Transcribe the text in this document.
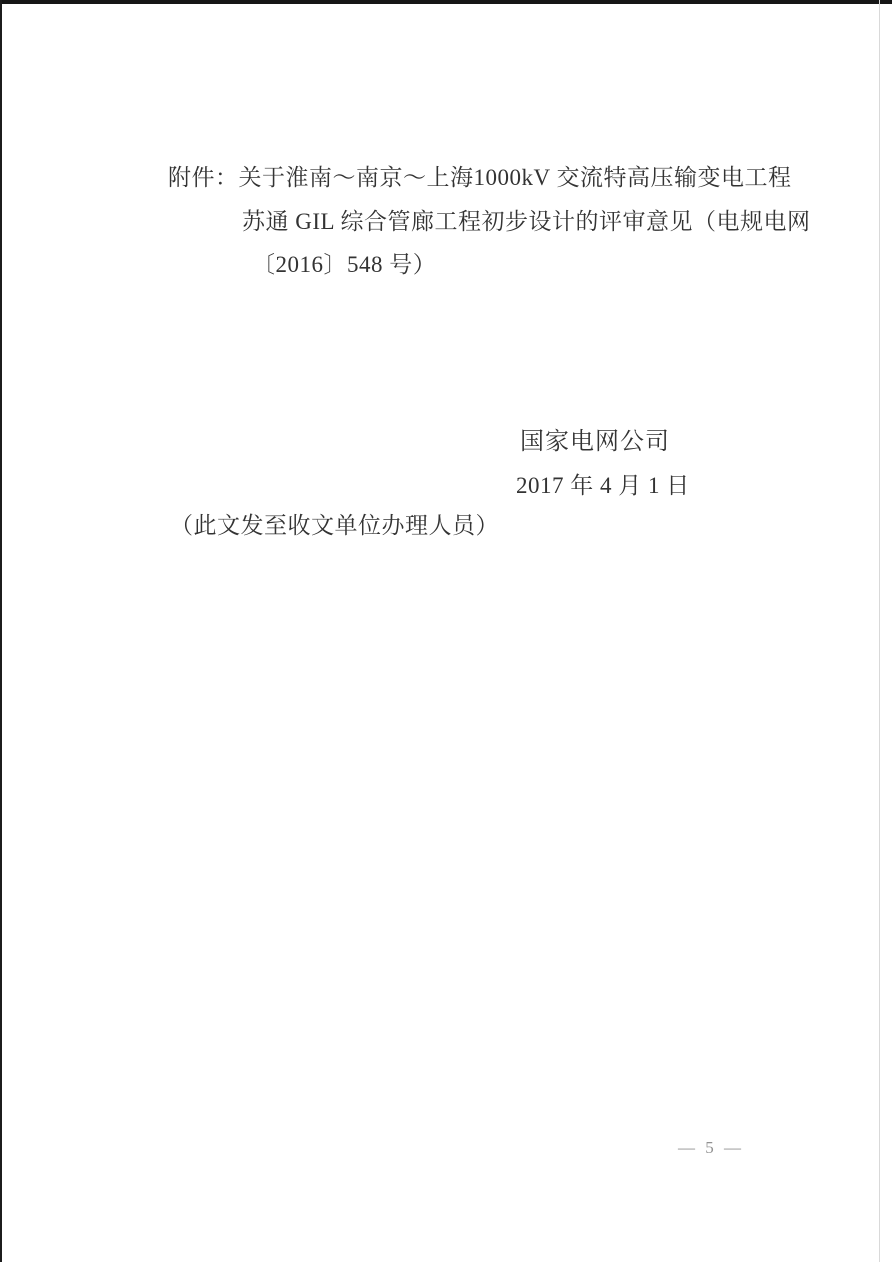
附件：关于淮南～南京～上海1000kV 交流特高压输变电工程
苏通 GIL 综合管廊工程初步设计的评审意见（电规电网
〔2016〕548 号）
国家电网公司
2017 年 4 月 1 日
（此文发至收文单位办理人员）
— 5 —
